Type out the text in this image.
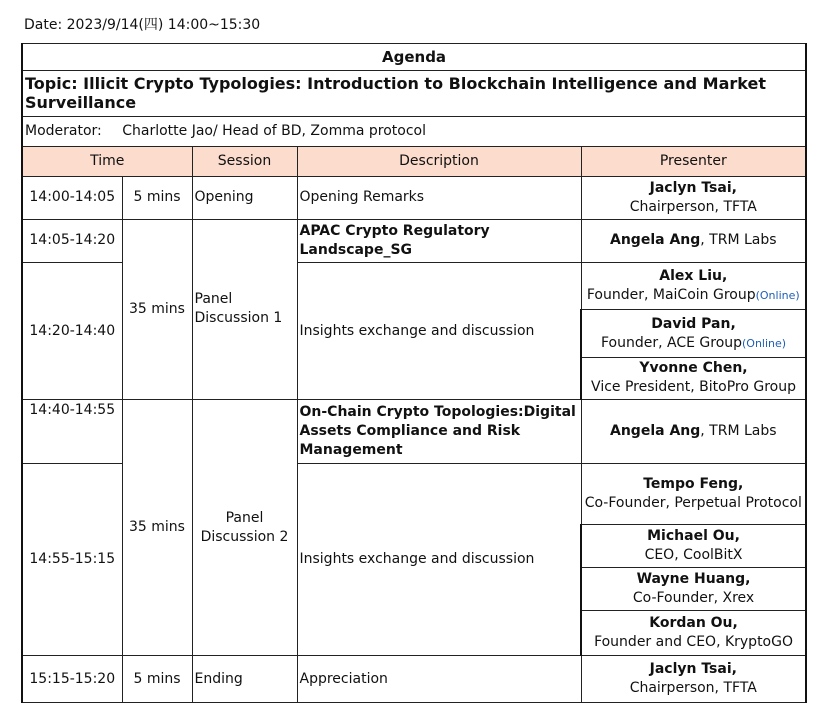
Date: 2023/9/14(四) 14:00~15:30
Agenda				
Topic: Illicit Crypto Typologies: Introduction to Blockchain Intelligence and Market Surveillance				
Moderator: Charlotte Jao/ Head of BD, Zomma protocol				
Time		Session	Description	Presenter
14:00-14:05	5 mins	Opening	Opening Remarks	Jaclyn Tsai,
Chairperson, TFTA

14:05-14:20	35 mins	Panel Discussion 1	APAC Crypto Regulatory Landscape_SG	Angela Ang, TRM Labs
14:20-14:40			Insights exchange and discussion	Alex Liu,
Founder, MaiCoin Group(Online)

				David Pan,
Founder, ACE Group(Online)

				Yvonne Chen,
Vice President, BitoPro Group

14:40-14:55	35 mins	Panel Discussion 2	On-Chain Crypto Topologies:Digital Assets Compliance and Risk Management	Angela Ang, TRM Labs
14:55-15:15			Insights exchange and discussion	Tempo Feng,
Co-Founder, Perpetual Protocol

				Michael Ou,
CEO, CoolBitX

				Wayne Huang,
Co-Founder, Xrex

				Kordan Ou,
Founder and CEO, KryptoGO

15:15-15:20	5 mins	Ending	Appreciation	Jaclyn Tsai,
Chairperson, TFTA
